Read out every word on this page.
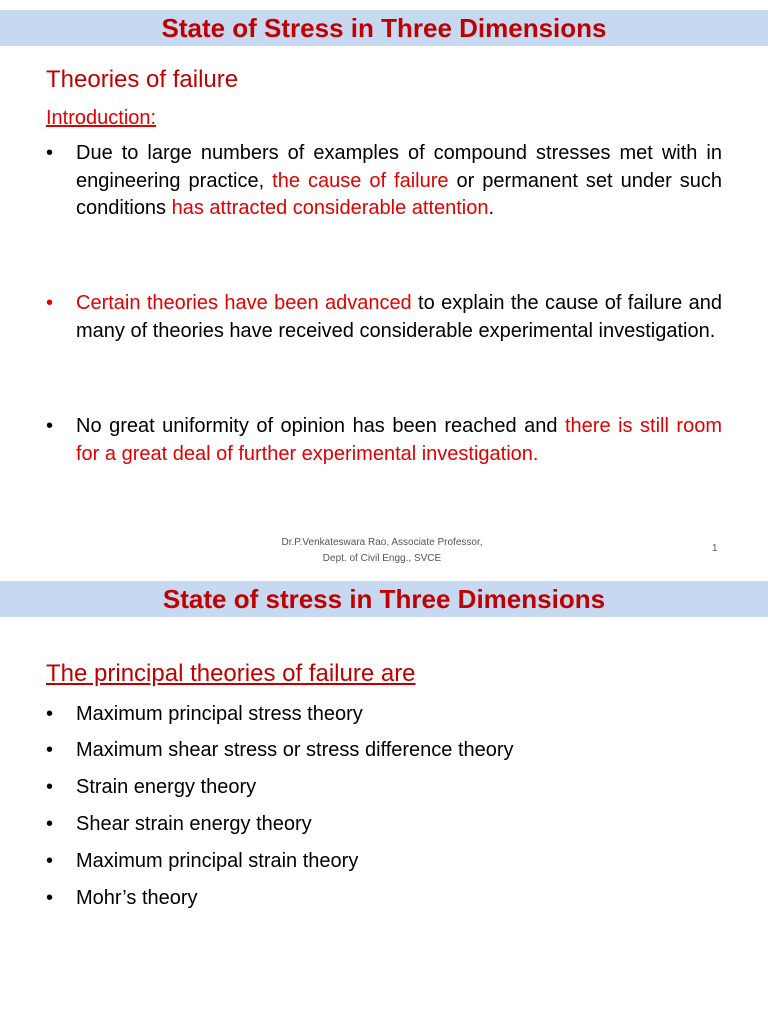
State of Stress in Three Dimensions
Theories of failure
Introduction:
•	Due to large numbers of examples of compound stresses met with in engineering practice, the cause of failure or permanent set under such conditions has attracted considerable attention.
•	Certain theories have been advanced to explain the cause of failure and many of theories have received considerable experimental investigation.
•	No great uniformity of opinion has been reached and there is still room for a great deal of further experimental investigation.
Dr.P.Venkateswara Rao, Associate Professor,
Dept. of Civil Engg., SVCE
1
State of stress in Three Dimensions
The principal theories of failure are
•	Maximum principal stress theory
•	Maximum shear stress or stress difference theory
•	Strain energy theory
•	Shear strain energy theory
•	Maximum principal strain theory
•	Mohr’s theory
